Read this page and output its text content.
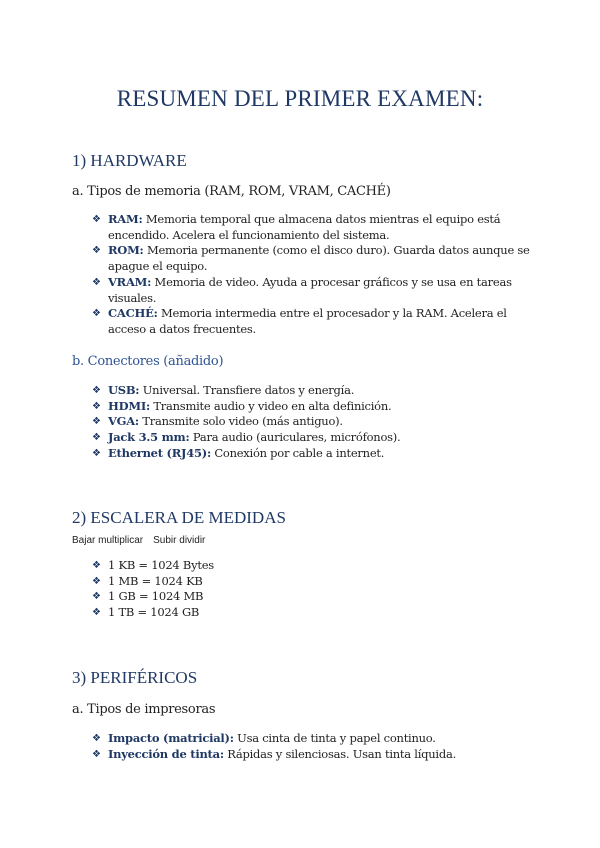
RESUMEN DEL PRIMER EXAMEN:
1) HARDWARE

a. Tipos de memoria (RAM, ROM, VRAM, CACHÉ)

❖ RAM: Memoria temporal que almacena datos mientras el equipo está encendido. Acelera el funcionamiento del sistema.
❖ ROM: Memoria permanente (como el disco duro). Guarda datos aunque se apague el equipo.
❖ VRAM: Memoria de video. Ayuda a procesar gráficos y se usa en tareas visuales.
❖ CACHÉ: Memoria intermedia entre el procesador y la RAM. Acelera el acceso a datos frecuentes.

b. Conectores (añadido)

❖ USB: Universal. Transfiere datos y energía.
❖ HDMI: Transmite audio y video en alta definición.
❖ VGA: Transmite solo video (más antiguo).
❖ Jack 3.5 mm: Para audio (auriculares, micrófonos).
❖ Ethernet (RJ45): Conexión por cable a internet.
2) ESCALERA DE MEDIDAS

Bajar multiplicar Subir dividir

❖ 1 KB = 1024 Bytes
❖ 1 MB = 1024 KB
❖ 1 GB = 1024 MB
❖ 1 TB = 1024 GB
3) PERIFÉRICOS

a. Tipos de impresoras

❖ Impacto (matricial): Usa cinta de tinta y papel continuo.
❖ Inyección de tinta: Rápidas y silenciosas. Usan tinta líquida.
